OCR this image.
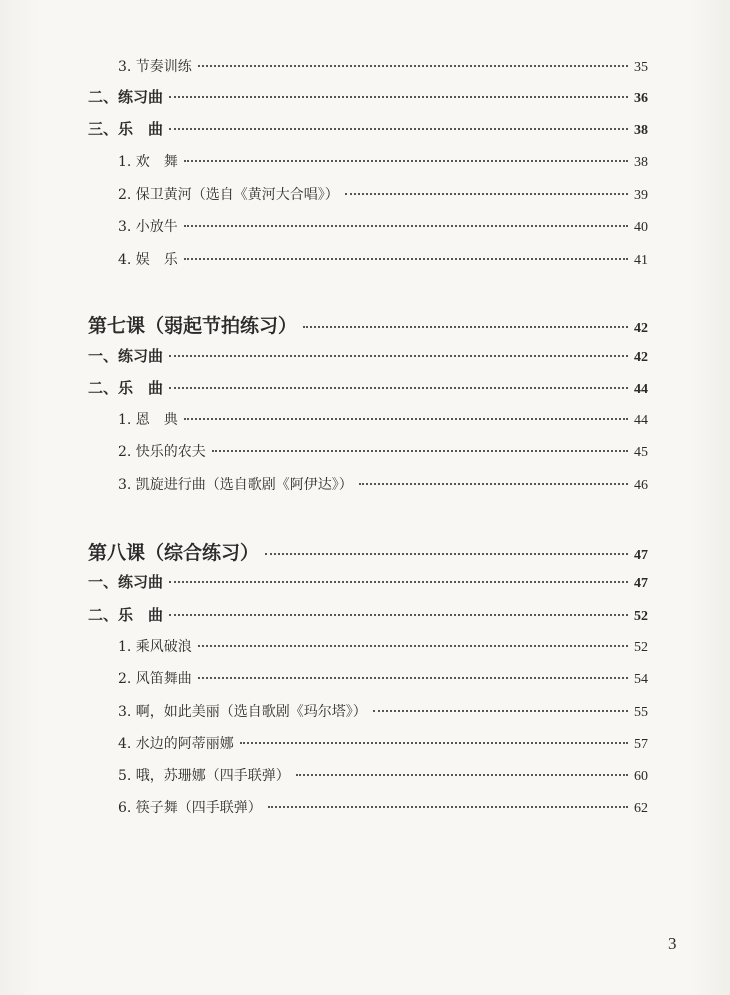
3. 节奏训练	35
二、练习曲	36
三、乐　曲	38
1. 欢　舞	38
2. 保卫黄河（选自《黄河大合唱》）	39
3. 小放牛	40
4. 娱　乐	41
第七课（弱起节拍练习）	42
一、练习曲	42
二、乐　曲	44
1. 恩　典	44
2. 快乐的农夫	45
3. 凯旋进行曲（选自歌剧《阿伊达》）	46
第八课（综合练习）	47
一、练习曲	47
二、乐　曲	52
1. 乘风破浪	52
2. 风笛舞曲	54
3. 啊，如此美丽（选自歌剧《玛尔塔》）	55
4. 水边的阿蒂丽娜	57
5. 哦，苏珊娜（四手联弹）	60
6. 筷子舞（四手联弹）	62
3
